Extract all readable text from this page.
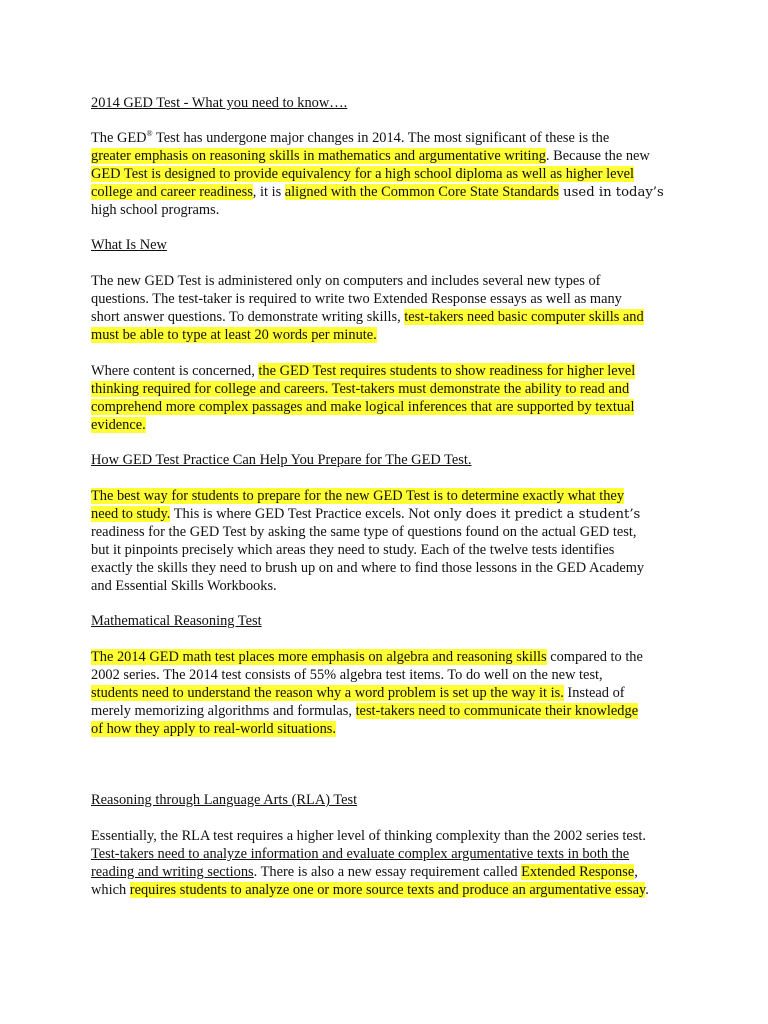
2014 GED Test - What you need to know….
The GED® Test has undergone major changes in 2014. The most significant of these is the
greater emphasis on reasoning skills in mathematics and argumentative writing. Because the new
GED Test is designed to provide equivalency for a high school diploma as well as higher level
college and career readiness, it is aligned with the Common Core State Standards used in today’s
high school programs.
What Is New
The new GED Test is administered only on computers and includes several new types of
questions. The test-taker is required to write two Extended Response essays as well as many
short answer questions. To demonstrate writing skills, test-takers need basic computer skills and
must be able to type at least 20 words per minute.
Where content is concerned, the GED Test requires students to show readiness for higher level
thinking required for college and careers. Test-takers must demonstrate the ability to read and
comprehend more complex passages and make logical inferences that are supported by textual
evidence.
How GED Test Practice Can Help You Prepare for The GED Test.
The best way for students to prepare for the new GED Test is to determine exactly what they
need to study. This is where GED Test Practice excels. Not only does it predict a student’s
readiness for the GED Test by asking the same type of questions found on the actual GED test,
but it pinpoints precisely which areas they need to study. Each of the twelve tests identifies
exactly the skills they need to brush up on and where to find those lessons in the GED Academy
and Essential Skills Workbooks.
Mathematical Reasoning Test
The 2014 GED math test places more emphasis on algebra and reasoning skills compared to the
2002 series. The 2014 test consists of 55% algebra test items. To do well on the new test,
students need to understand the reason why a word problem is set up the way it is. Instead of
merely memorizing algorithms and formulas, test-takers need to communicate their knowledge
of how they apply to real-world situations.
Reasoning through Language Arts (RLA) Test
Essentially, the RLA test requires a higher level of thinking complexity than the 2002 series test.
Test-takers need to analyze information and evaluate complex argumentative texts in both the
reading and writing sections. There is also a new essay requirement called Extended Response,
which requires students to analyze one or more source texts and produce an argumentative essay.
